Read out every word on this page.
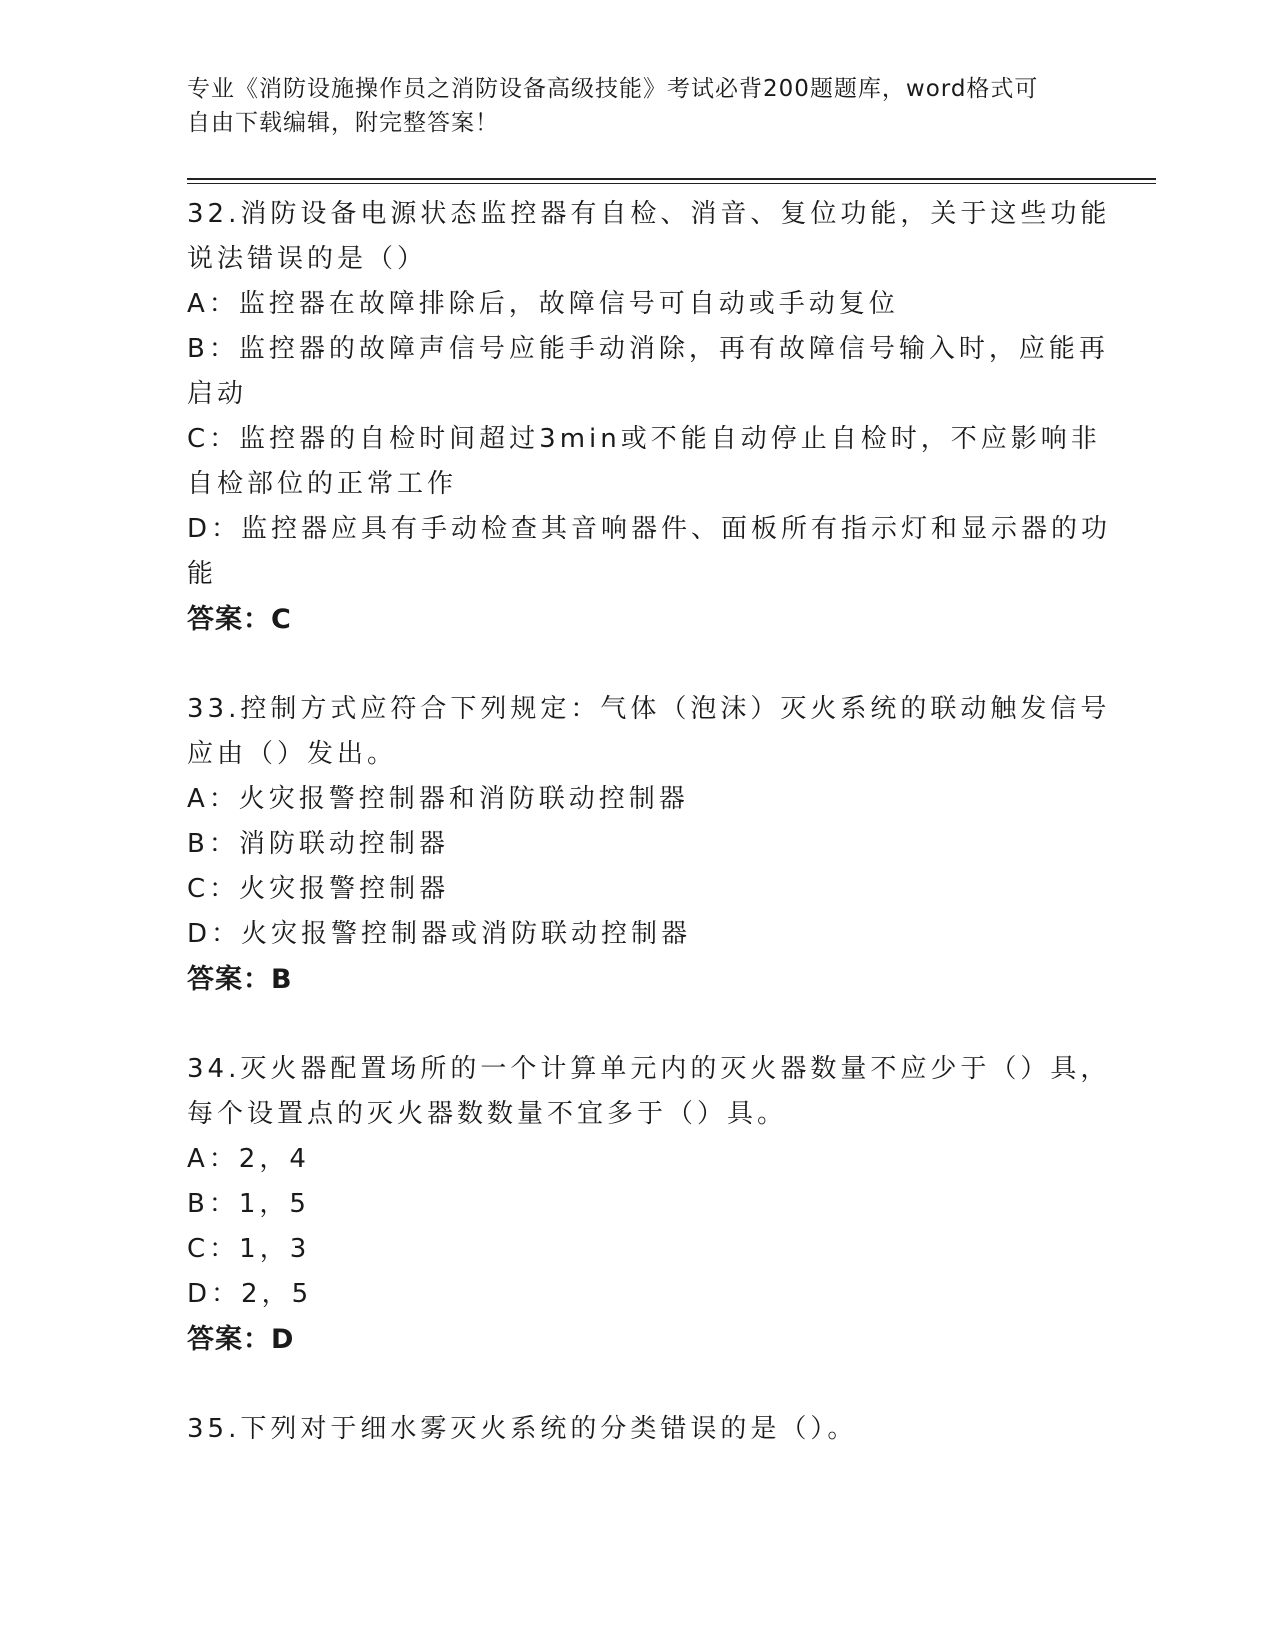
专业《消防设施操作员之消防设备高级技能》考试必背200题题库，word格式可
自由下载编辑，附完整答案！
32.消防设备电源状态监控器有自检、消音、复位功能，关于这些功能
说法错误的是（）
A：监控器在故障排除后，故障信号可自动或手动复位
B：监控器的故障声信号应能手动消除，再有故障信号输入时，应能再
启动
C：监控器的自检时间超过3min或不能自动停止自检时，不应影响非
自检部位的正常工作
D：监控器应具有手动检查其音响器件、面板所有指示灯和显示器的功
能
答案：C
33.控制方式应符合下列规定：气体（泡沫）灭火系统的联动触发信号
应由（）发出。
A：火灾报警控制器和消防联动控制器
B：消防联动控制器
C：火灾报警控制器
D：火灾报警控制器或消防联动控制器
答案：B
34.灭火器配置场所的一个计算单元内的灭火器数量不应少于（）具，
每个设置点的灭火器数数量不宜多于（）具。
A：2，4
B：1，5
C：1，3
D：2，5
答案：D
35.下列对于细水雾灭火系统的分类错误的是（）。
